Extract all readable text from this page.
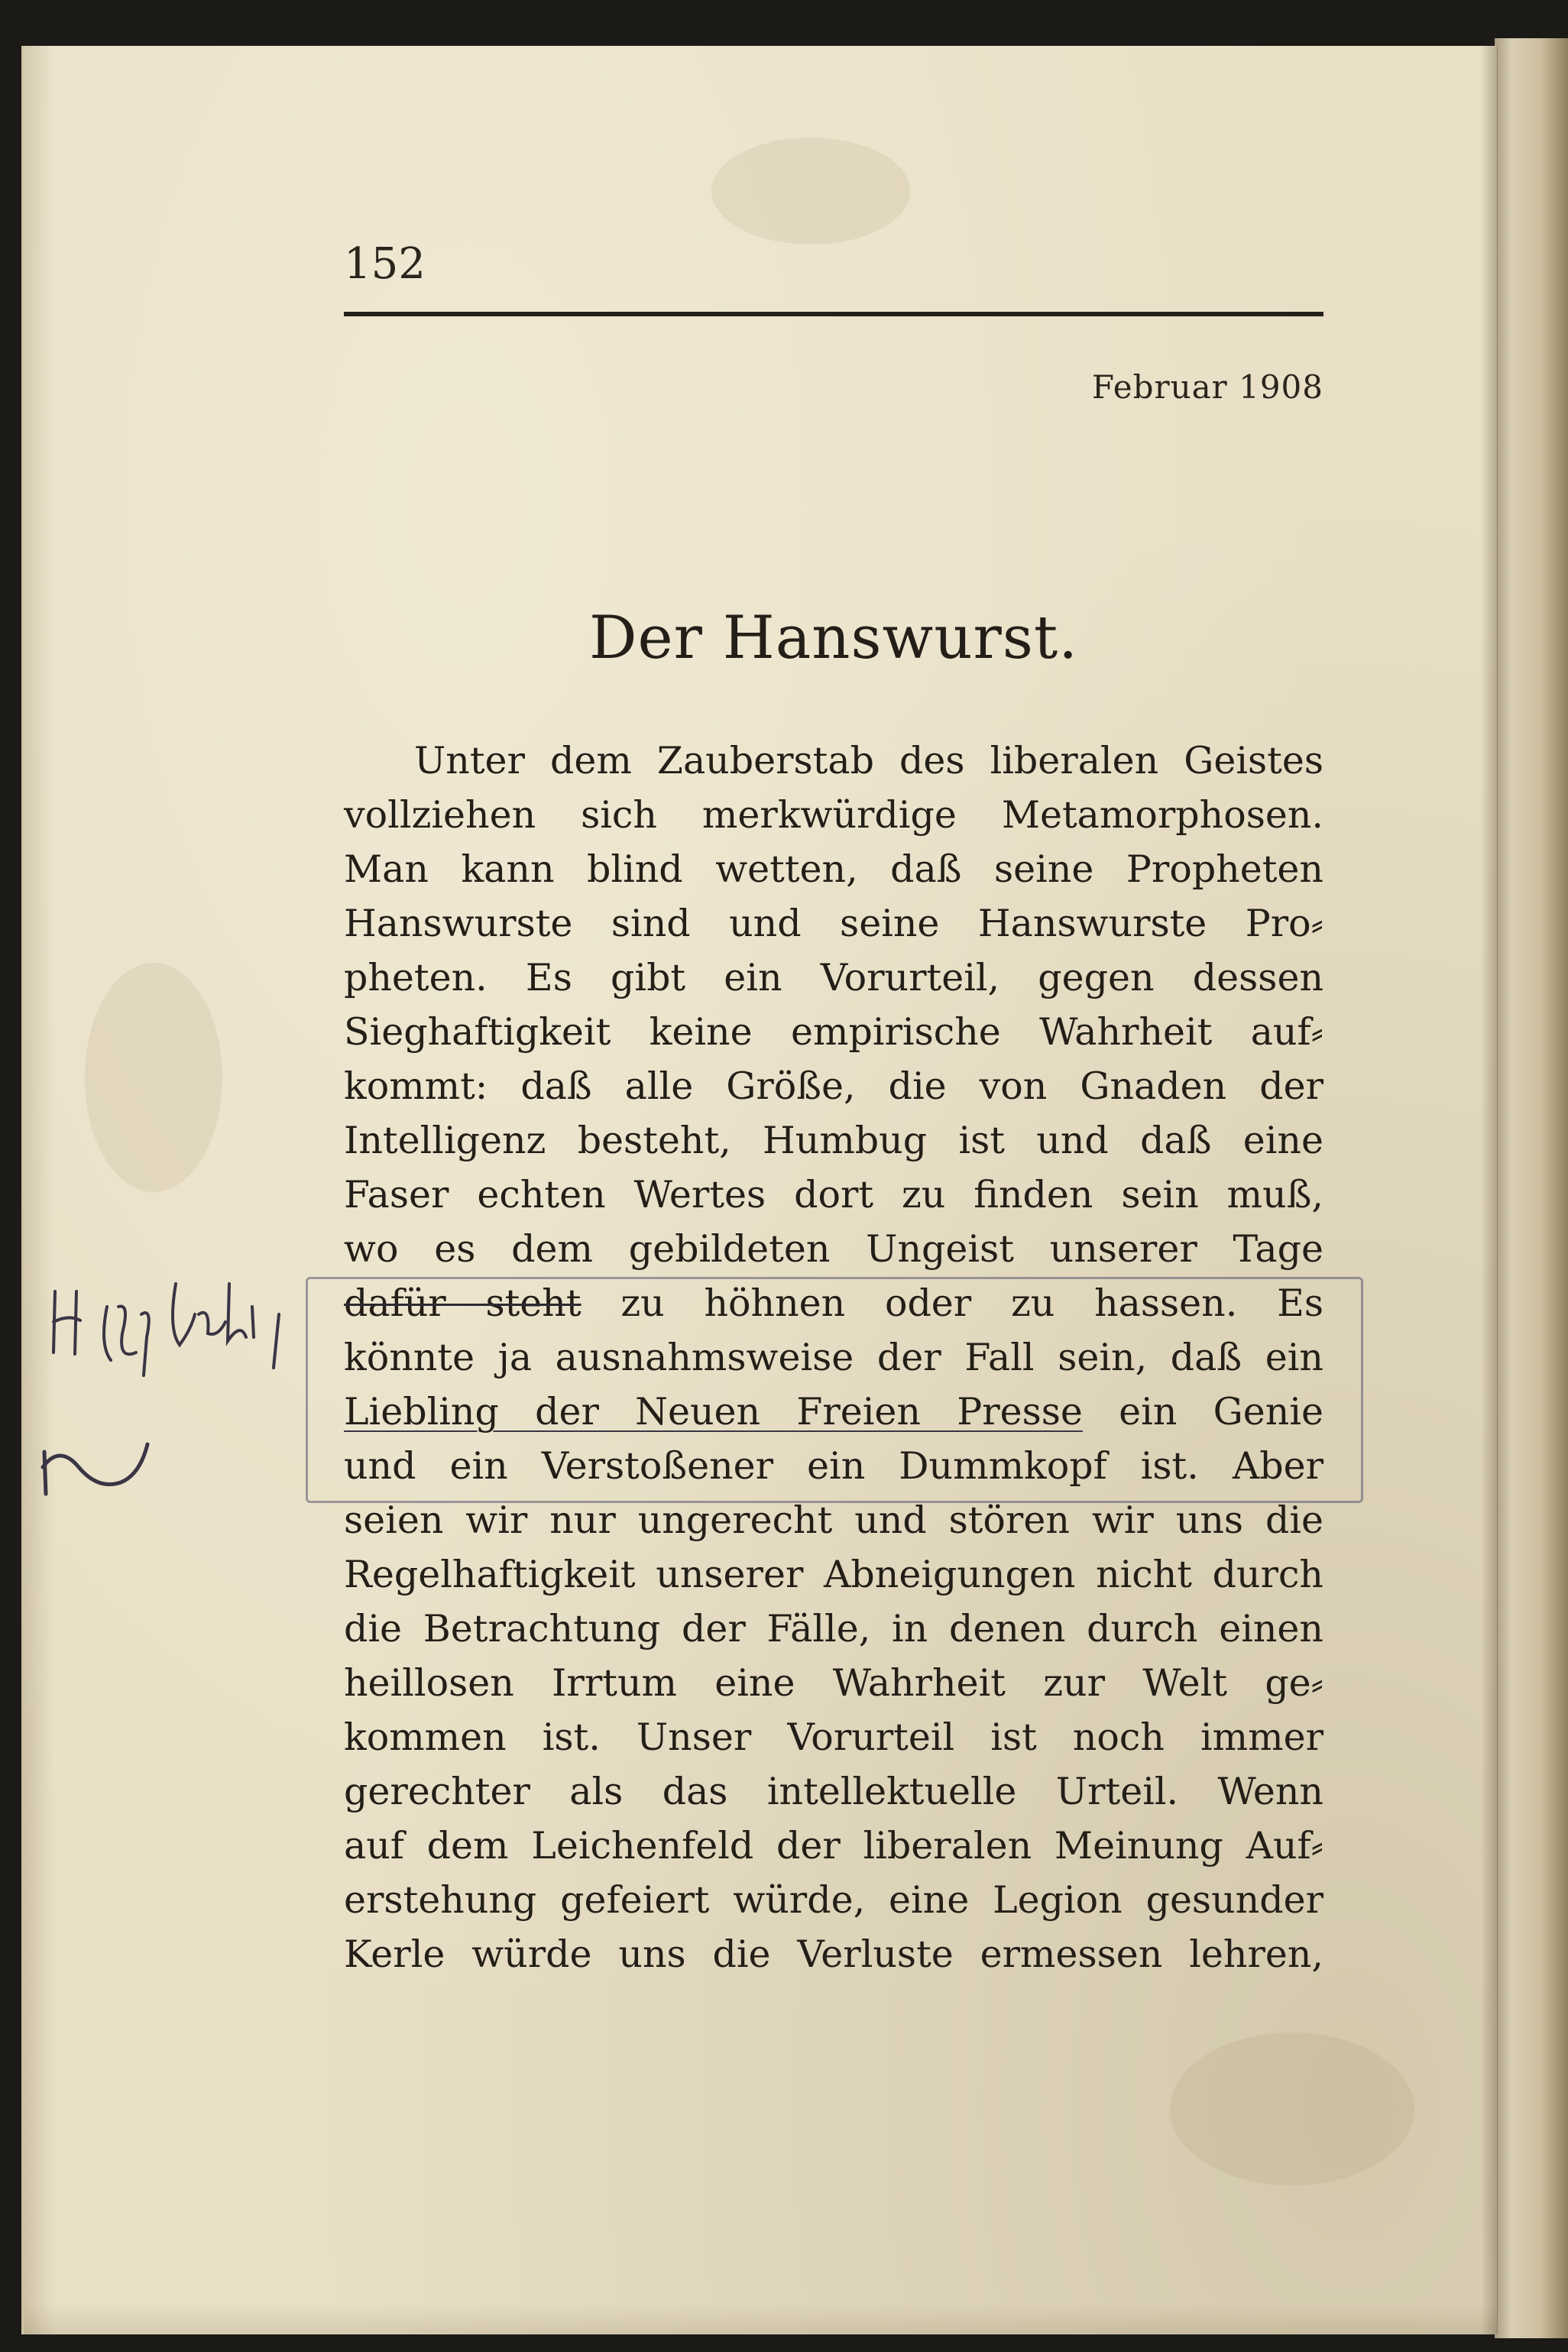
152

Februar 1908

Der Hanswurst.
Unter dem Zauberstab des liberalen Geistes
vollziehen sich merkwürdige Metamorphosen.
Man kann blind wetten, daß seine Propheten
Hanswurste sind und seine Hanswurste Pro⸗
pheten. Es gibt ein Vorurteil, gegen dessen
Sieghaftigkeit keine empirische Wahrheit auf⸗
kommt: daß alle Größe, die von Gnaden der
Intelligenz besteht, Humbug ist und daß eine
Faser echten Wertes dort zu finden sein muß,
wo es dem gebildeten Ungeist unserer Tage
dafür steht zu höhnen oder zu hassen. Es
könnte ja ausnahmsweise der Fall sein, daß ein
Liebling der Neuen Freien Presse ein Genie
und ein Verstoßener ein Dummkopf ist. Aber
seien wir nur ungerecht und stören wir uns die
Regelhaftigkeit unserer Abneigungen nicht durch
die Betrachtung der Fälle, in denen durch einen
heillosen Irrtum eine Wahrheit zur Welt ge⸗
kommen ist. Unser Vorurteil ist noch immer
gerechter als das intellektuelle Urteil. Wenn
auf dem Leichenfeld der liberalen Meinung Auf⸗
erstehung gefeiert würde, eine Legion gesunder
Kerle würde uns die Verluste ermessen lehren,
